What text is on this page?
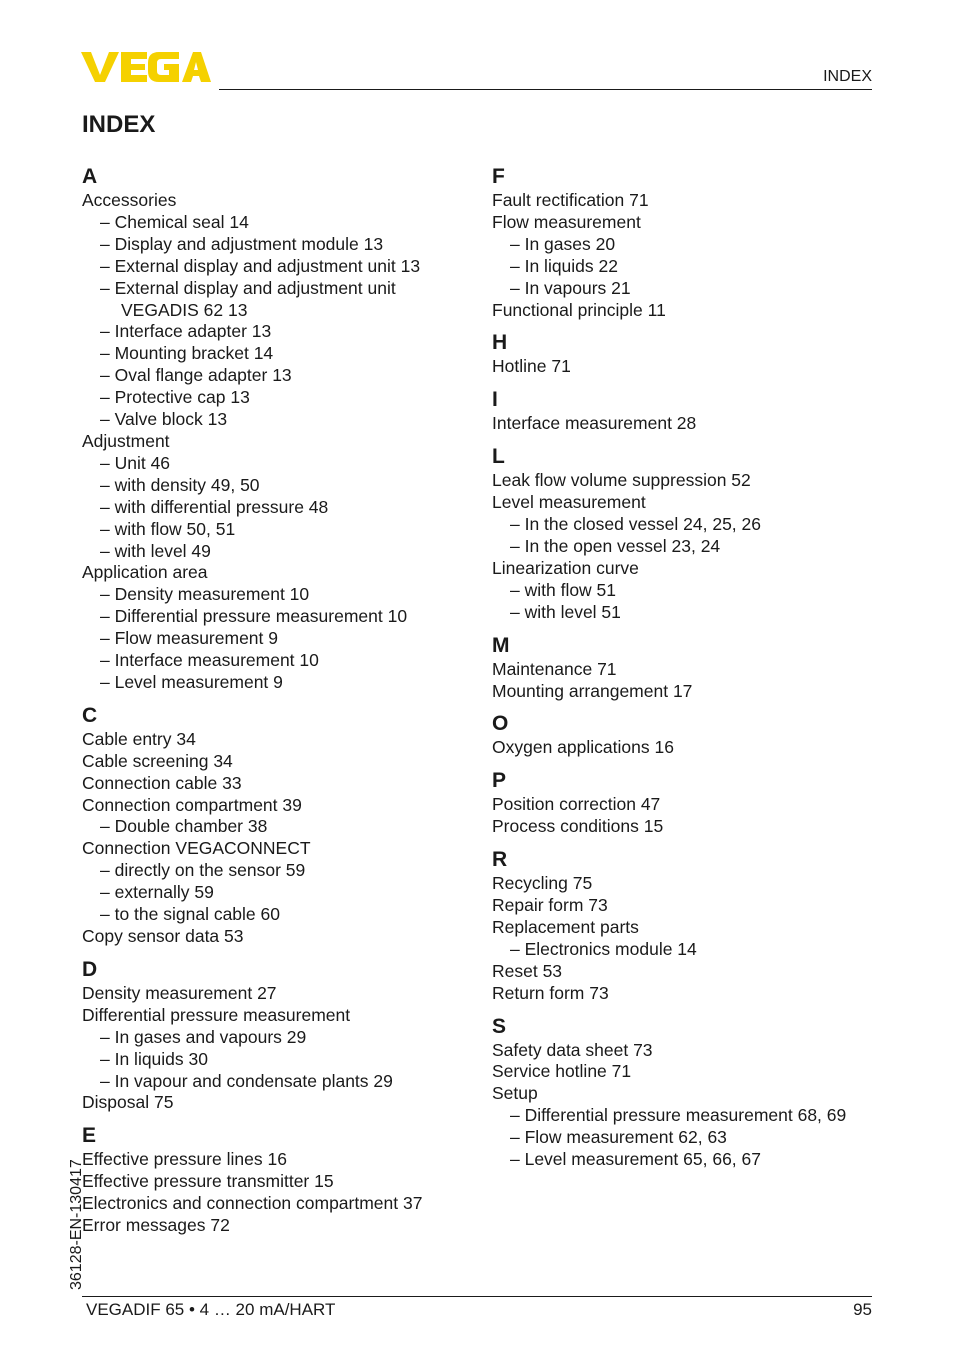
INDEX
INDEX
A
Accessories
– Chemical seal 14
– Display and adjustment module 13
– External display and adjustment unit 13
– External display and adjustment unit
VEGADIS 62 13
– Interface adapter 13
– Mounting bracket 14
– Oval flange adapter 13
– Protective cap 13
– Valve block 13
Adjustment
– Unit 46
– with density 49, 50
– with differential pressure 48
– with flow 50, 51
– with level 49
Application area
– Density measurement 10
– Differential pressure measurement 10
– Flow measurement 9
– Interface measurement 10
– Level measurement 9
C
Cable entry 34
Cable screening 34
Connection cable 33
Connection compartment 39
– Double chamber 38
Connection VEGACONNECT
– directly on the sensor 59
– externally 59
– to the signal cable 60
Copy sensor data 53
D
Density measurement 27
Differential pressure measurement
– In gases and vapours 29
– In liquids 30
– In vapour and condensate plants 29
Disposal 75
E
Effective pressure lines 16
Effective pressure transmitter 15
Electronics and connection compartment 37
Error messages 72
F
Fault rectification 71
Flow measurement
– In gases 20
– In liquids 22
– In vapours 21
Functional principle 11
H
Hotline 71
I
Interface measurement 28
L
Leak flow volume suppression 52
Level measurement
– In the closed vessel 24, 25, 26
– In the open vessel 23, 24
Linearization curve
– with flow 51
– with level 51
M
Maintenance 71
Mounting arrangement 17
O
Oxygen applications 16
P
Position correction 47
Process conditions 15
R
Recycling 75
Repair form 73
Replacement parts
– Electronics module 14
Reset 53
Return form 73
S
Safety data sheet 73
Service hotline 71
Setup
– Differential pressure measurement 68, 69
– Flow measurement 62, 63
– Level measurement 65, 66, 67
36128-EN-130417
VEGADIF 65 • 4 … 20 mA/HART	95
